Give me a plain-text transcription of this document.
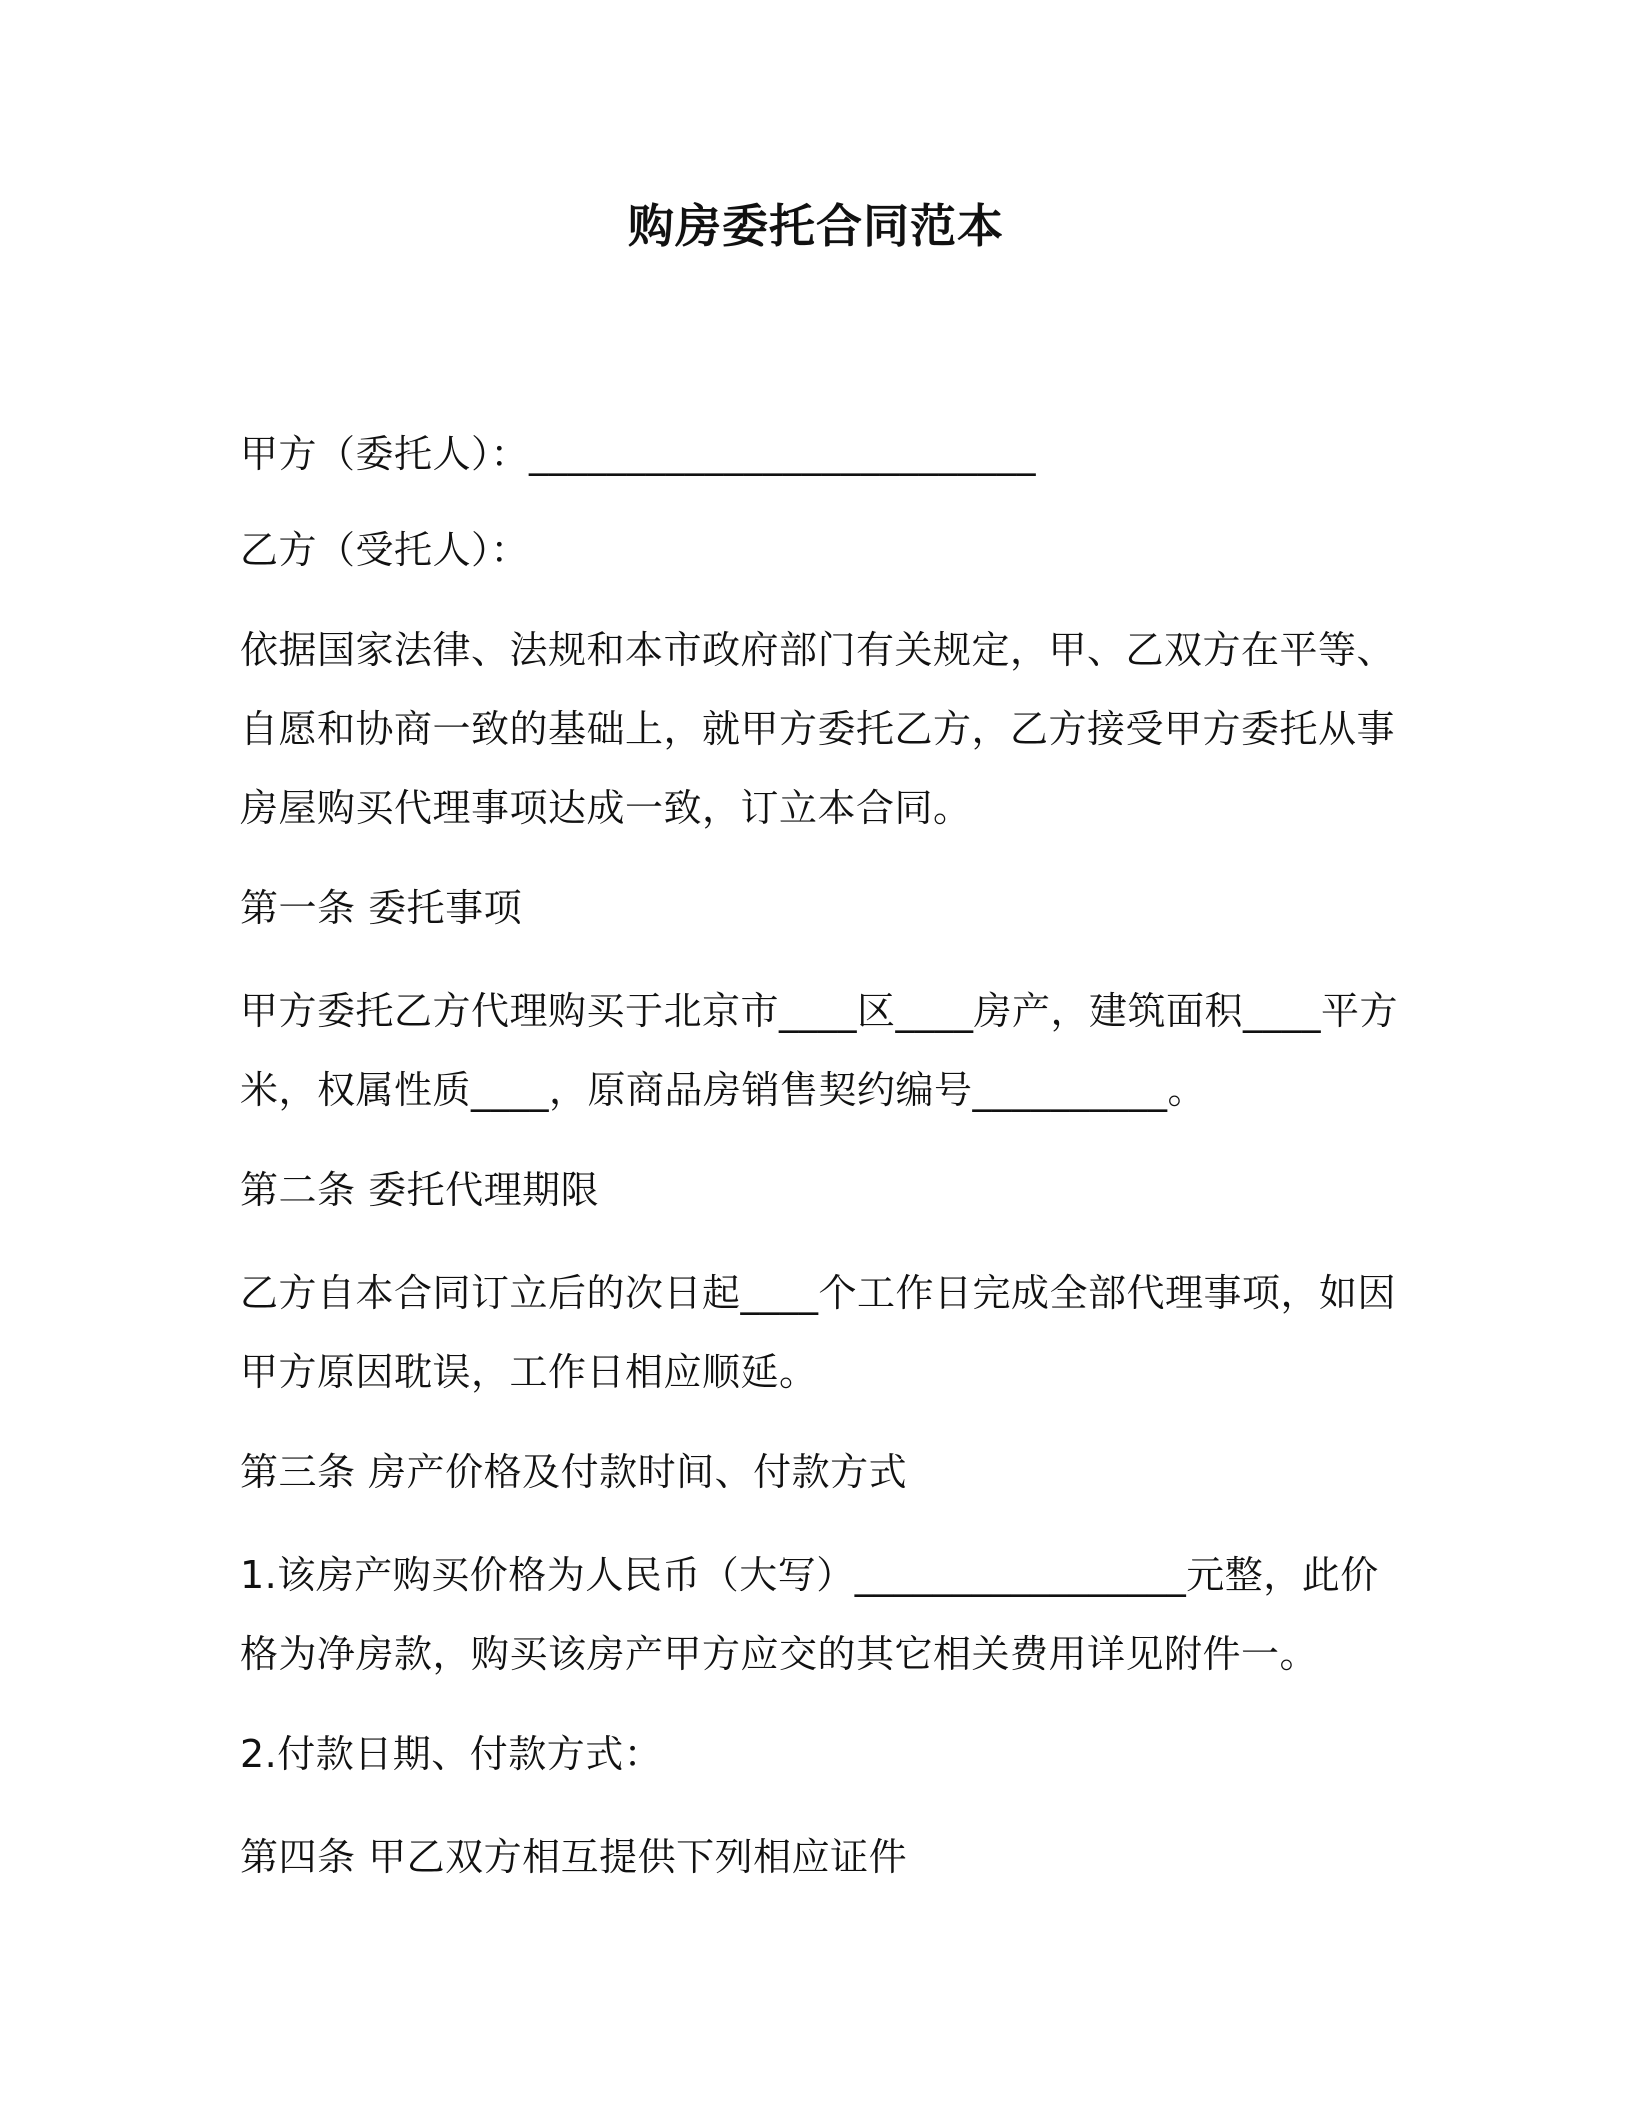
购房委托合同范本
甲方（委托人）：__________________________
乙方（受托人）：
依据国家法律、法规和本市政府部门有关规定，甲、乙双方在平等、
自愿和协商一致的基础上，就甲方委托乙方，乙方接受甲方委托从事
房屋购买代理事项达成一致，订立本合同。
第一条 委托事项
甲方委托乙方代理购买于北京市____区____房产，建筑面积____平方
米，权属性质____，原商品房销售契约编号__________。
第二条 委托代理期限
乙方自本合同订立后的次日起____个工作日完成全部代理事项，如因
甲方原因耽误，工作日相应顺延。
第三条 房产价格及付款时间、付款方式
1.该房产购买价格为人民币（大写）_________________元整，此价
格为净房款，购买该房产甲方应交的其它相关费用详见附件一。
2.付款日期、付款方式：
第四条 甲乙双方相互提供下列相应证件
